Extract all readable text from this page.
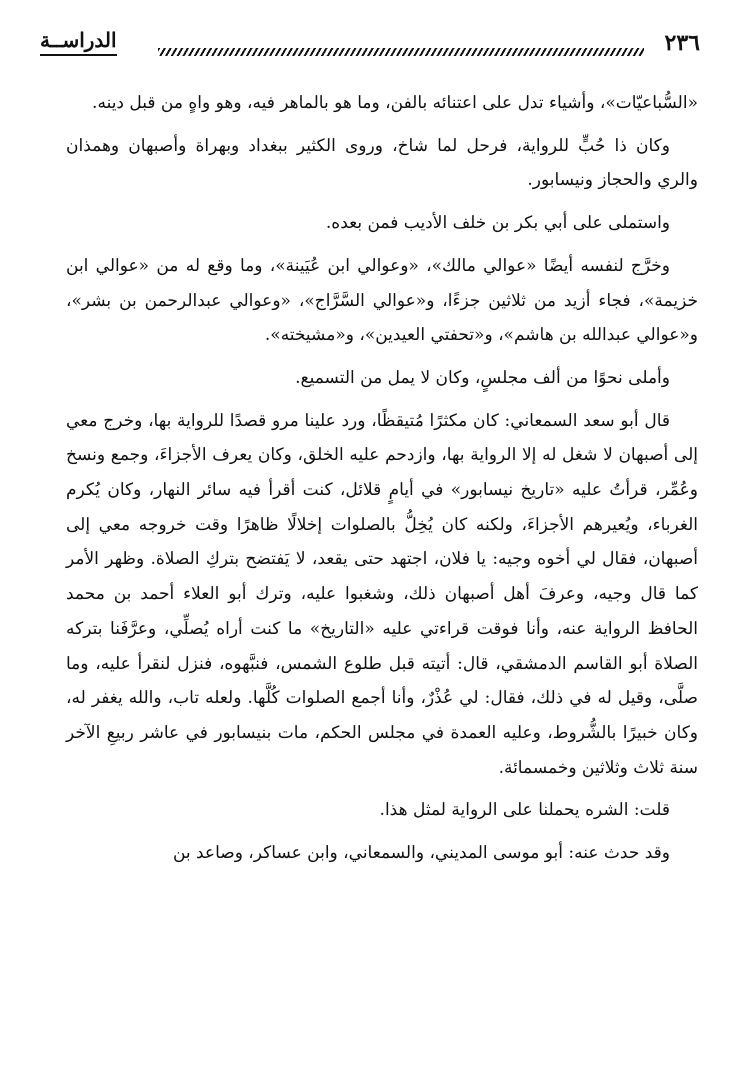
٢٣٦
الدراســة

«السُّباعيّات»، وأشياء تدل على اعتنائه بالفن، وما هو بالماهر فيه، وهو واهٍ من قبل دينه.

وكان ذا حُبٍّ للرواية، فرحل لما شاخ، وروى الكثير ببغداد وبهراة وأصبهان وهمذان والري والحجاز ونيسابور.

واستملى على أبي بكر بن خلف الأديب فمن بعده.

وخرَّج لنفسه أيضًا «عوالي مالك»، «وعوالي ابن عُيَينة»، وما وقع له من «عوالي ابن خزيمة»، فجاء أزيد من ثلاثين جزءًا، و«عوالي السَّرَّاج»، «وعوالي عبدالرحمن بن بشر»، و«عوالي عبدالله بن هاشم»، و«تحفتي العيدين»، و«مشيخته».

وأملى نحوًا من ألف مجلسٍ، وكان لا يمل من التسميع.

قال أبو سعد السمعاني: كان مكثرًا مُتيقظًا، ورد علينا مرو قصدًا للرواية بها، وخرج معي إلى أصبهان لا شغل له إلا الرواية بها، وازدحم عليه الخلق، وكان يعرف الأجزاءَ، وجمع ونسخ وعُمِّر، قرأتُ عليه «تاريخ نيسابور» في أيامٍ قلائل، كنت أقرأ فيه سائر النهار، وكان يُكرم الغرباء، ويُعيرهم الأجزاءَ، ولكنه كان يُخِلُّ بالصلوات إخلالًا ظاهرًا وقت خروجه معي إلى أصبهان، فقال لي أخوه وجيه: يا فلان، اجتهد حتى يقعد، لا يَفتضح بتركِ الصلاة. وظهر الأمر كما قال وجيه، وعرفَ أهل أصبهان ذلك، وشغبوا عليه، وترك أبو العلاء أحمد بن محمد الحافظ الرواية عنه، وأنا فوقت قراءتي عليه «التاريخ» ما كنت أراه يُصلِّي، وعرَّفَنا بتركه الصلاة أبو القاسم الدمشقي، قال: أتيته قبل طلوع الشمس، فنبَّهوه، فنزل لنقرأ عليه، وما صلَّى، وقيل له في ذلك، فقال: لي عُذْرٌ، وأنا أجمع الصلوات كُلَّها. ولعله تاب، والله يغفر له، وكان خبيرًا بالشُّروط، وعليه العمدة في مجلس الحكم، مات بنيسابور في عاشر ربيعِ الآخر سنة ثلاث وثلاثين وخمسمائة.

قلت: الشره يحملنا على الرواية لمثل هذا.

وقد حدث عنه: أبو موسى المديني، والسمعاني، وابن عساكر، وصاعد بن
